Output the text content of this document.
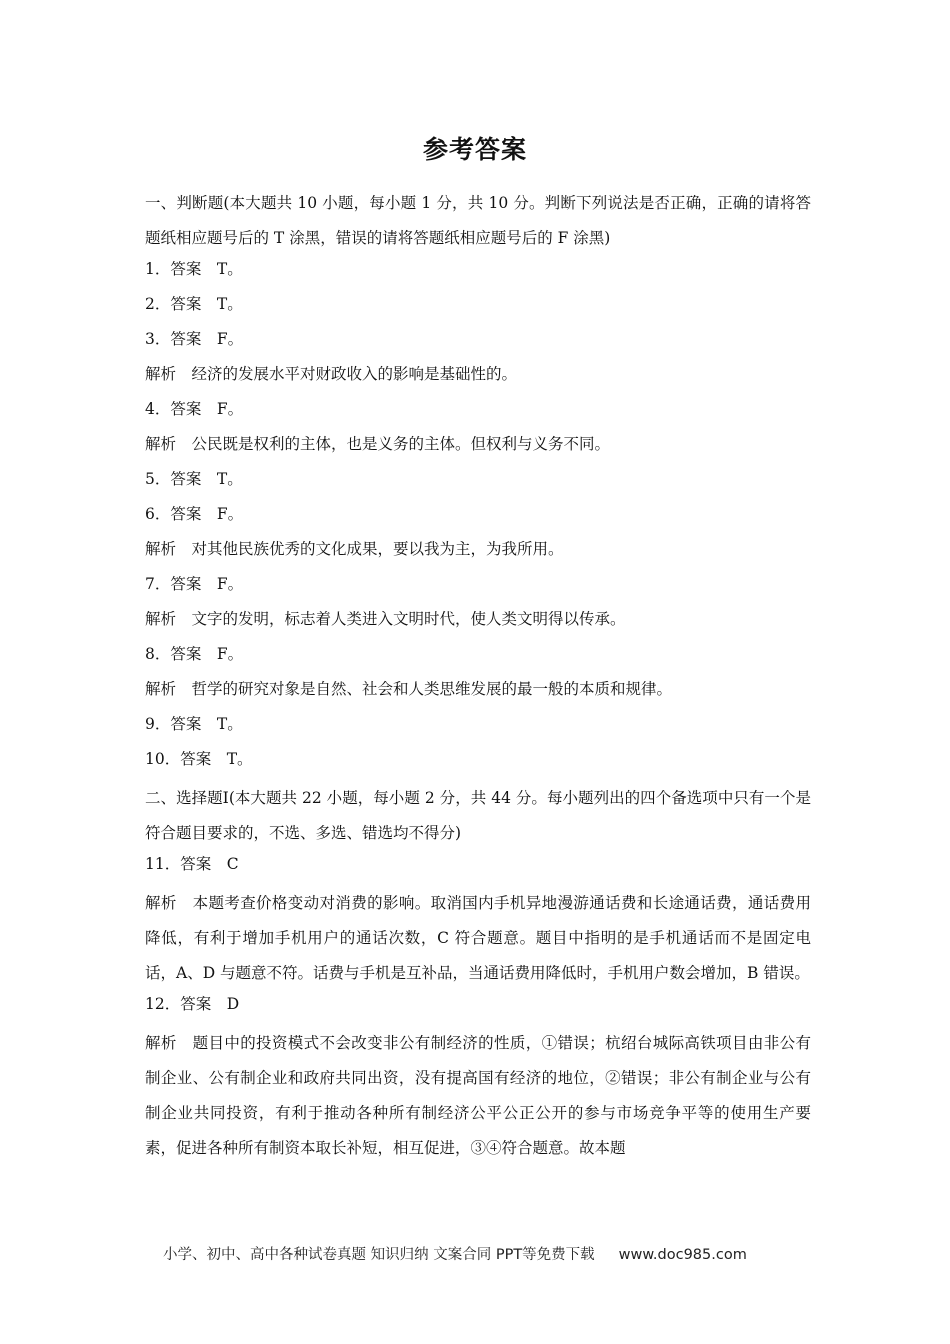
参考答案
一、判断题(本大题共 10 小题，每小题 1 分，共 10 分。判断下列说法是否正确，正确的请将答题纸相应题号后的 T 涂黑，错误的请将答题纸相应题号后的 F 涂黑)
1．答案　T。
2．答案　T。
3．答案　F。
解析　经济的发展水平对财政收入的影响是基础性的。
4．答案　F。
解析　公民既是权利的主体，也是义务的主体。但权利与义务不同。
5．答案　T。
6．答案　F。
解析　对其他民族优秀的文化成果，要以我为主，为我所用。
7．答案　F。
解析　文字的发明，标志着人类进入文明时代，使人类文明得以传承。
8．答案　F。
解析　哲学的研究对象是自然、社会和人类思维发展的最一般的本质和规律。
9．答案　T。
10．答案　T。
二、选择题Ⅰ(本大题共 22 小题，每小题 2 分，共 44 分。每小题列出的四个备选项中只有一个是符合题目要求的，不选、多选、错选均不得分)
11．答案　C
解析　本题考查价格变动对消费的影响。取消国内手机异地漫游通话费和长途通话费，通话费用降低，有利于增加手机用户的通话次数，C 符合题意。题目中指明的是手机通话而不是固定电话，A、D 与题意不符。话费与手机是互补品，当通话费用降低时，手机用户数会增加，B 错误。
12．答案　D
解析　题目中的投资模式不会改变非公有制经济的性质，①错误；杭绍台城际高铁项目由非公有制企业、公有制企业和政府共同出资，没有提高国有经济的地位，②错误；非公有制企业与公有制企业共同投资，有利于推动各种所有制经济公平公正公开的参与市场竞争平等的使用生产要素，促进各种所有制资本取长补短，相互促进，③④符合题意。故本题
小学、初中、高中各种试卷真题 知识归纳 文案合同 PPT等免费下载 www.doc985.com
